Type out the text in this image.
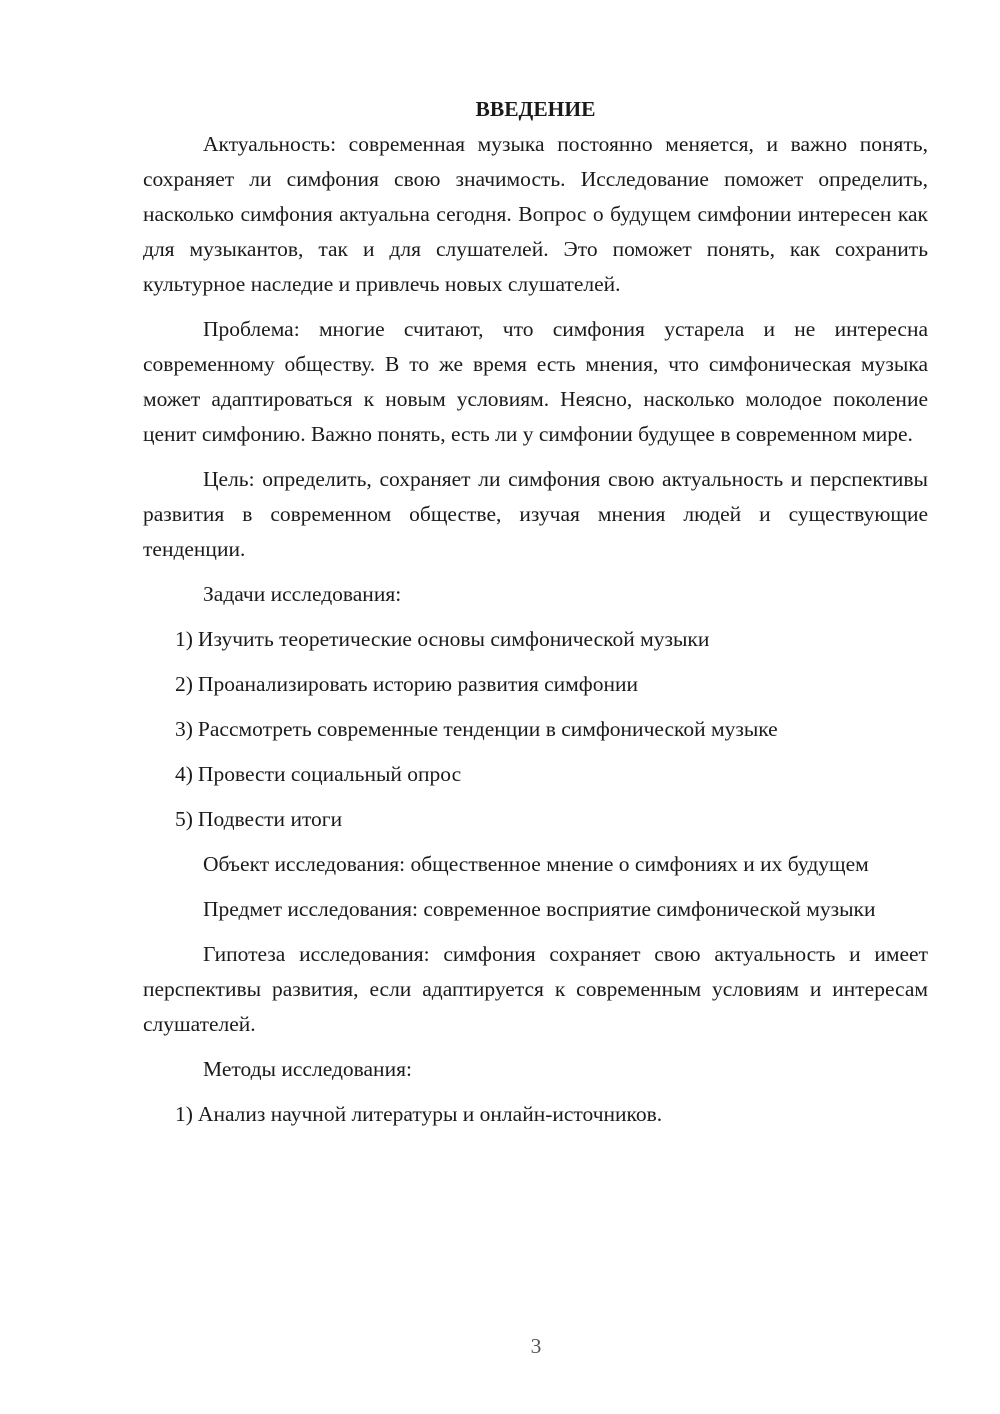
ВВЕДЕНИЕ

Актуальность: современная музыка постоянно меняется, и важно понять, сохраняет ли симфония свою значимость. Исследование поможет определить, насколько симфония актуальна сегодня. Вопрос о будущем симфонии интересен как для музыкантов, так и для слушателей. Это поможет понять, как сохранить культурное наследие и привлечь новых слушателей.

Проблема: многие считают, что симфония устарела и не интересна современному обществу. В то же время есть мнения, что симфоническая музыка может адаптироваться к новым условиям. Неясно, насколько молодое поколение ценит симфонию. Важно понять, есть ли у симфонии будущее в современном мире.

Цель: определить, сохраняет ли симфония свою актуальность и перспективы развития в современном обществе, изучая мнения людей и существующие тенденции.

Задачи исследования:

1) Изучить теоретические основы симфонической музыки

2) Проанализировать историю развития симфонии

3) Рассмотреть современные тенденции в симфонической музыке

4) Провести социальный опрос

5) Подвести итоги

Объект исследования: общественное мнение о симфониях и их будущем

Предмет исследования: современное восприятие симфонической музыки

Гипотеза исследования: симфония сохраняет свою актуальность и имеет перспективы развития, если адаптируется к современным условиям и интересам слушателей.

Методы исследования:

1) Анализ научной литературы и онлайн-источников.

3
